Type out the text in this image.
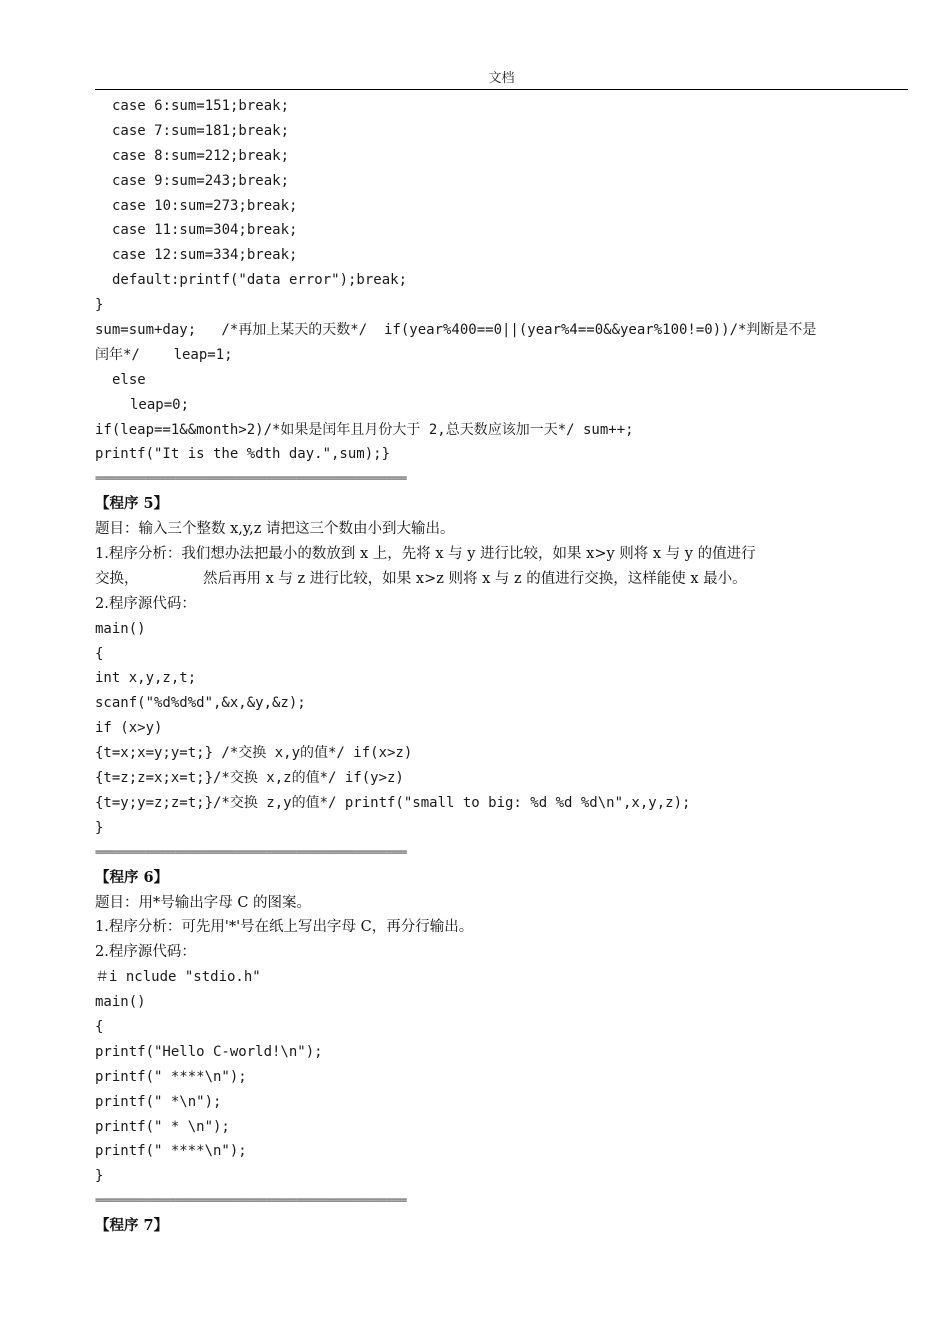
文档
case 6:sum=151;break;
case 7:sum=181;break;
case 8:sum=212;break;
case 9:sum=243;break;
case 10:sum=273;break;
case 11:sum=304;break;
case 12:sum=334;break;
default:printf("data error");break;
}
sum=sum+day;   /*再加上某天的天数*/  if(year%400==0||(year%4==0&&year%100!=0))/*判断是不是
闰年*/    leap=1;
else
leap=0;
if(leap==1&&month>2)/*如果是闰年且月份大于 2,总天数应该加一天*/ sum++;
printf("It is the %dth day.",sum);}
==============================================================
【程序 5】
题目：输入三个整数 x,y,z 请把这三个数由小到大输出。
1.程序分析：我们想办法把最小的数放到 x 上，先将 x 与 y 进行比较，如果 x>y 则将 x 与 y 的值进行
交换，              然后再用 x 与 z 进行比较，如果 x>z 则将 x 与 z 的值进行交换，这样能使 x 最小。
2.程序源代码：
main()
{
int x,y,z,t;
scanf("%d%d%d",&x,&y,&z);
if (x>y)
{t=x;x=y;y=t;} /*交换 x,y的值*/ if(x>z)
{t=z;z=x;x=t;}/*交换 x,z的值*/ if(y>z)
{t=y;y=z;z=t;}/*交换 z,y的值*/ printf("small to big: %d %d %d\n",x,y,z);
}
==============================================================
【程序 6】
题目：用*号输出字母 C 的图案。
1.程序分析：可先用'*'号在纸上写出字母 C，再分行输出。
2.程序源代码：
＃i nclude "stdio.h"
main()
{
printf("Hello C-world!\n");
printf(" ****\n");
printf(" *\n");
printf(" * \n");
printf(" ****\n");
}
==============================================================
【程序 7】
